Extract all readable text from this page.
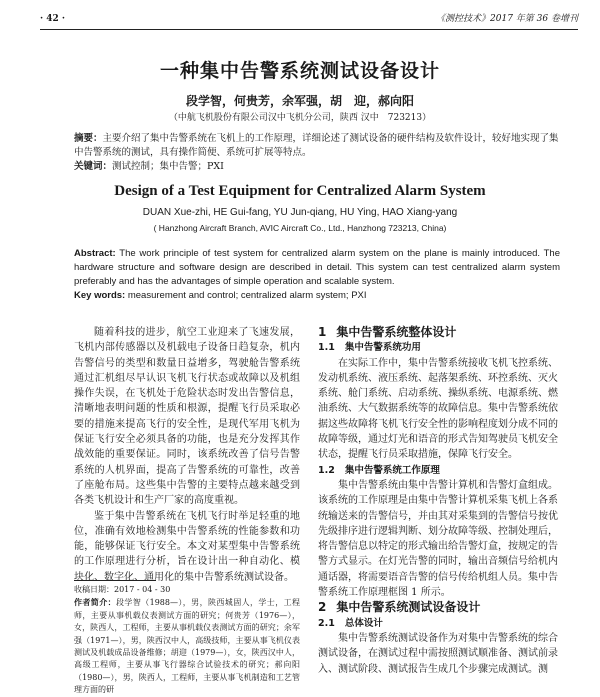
· 42 ·	《测控技术》2017 年第 36 卷增刊
一种集中告警系统测试设备设计
段学智，何贵芳，余军强，胡　迎，郝向阳
（中航飞机股份有限公司汉中飞机分公司，陕西 汉中　723213）
摘要：主要介绍了集中告警系统在飞机上的工作原理，详细论述了测试设备的硬件结构及软件设计，较好地实现了集中告警系统的测试，具有操作简便、系统可扩展等特点。
关键词：测试控制；集中告警；PXI
Design of a Test Equipment for Centralized Alarm System
DUAN Xue-zhi, HE Gui-fang, YU Jun-qiang, HU Ying, HAO Xiang-yang
( Hanzhong Aircraft Branch, AVIC Aircraft Co., Ltd., Hanzhong 723213, China)
Abstract: The work principle of test system for centralized alarm system on the plane is mainly introduced. The hardware structure and software design are described in detail. This system can test centralized alarm system preferably and has the advantages of simple operation and scalable system.
Key words: measurement and control; centralized alarm system; PXI

随着科技的进步，航空工业迎来了飞速发展，飞机内部传感器以及机载电子设备日趋复杂，机内告警信号的类型和数量日益增多，驾驶舱告警系统通过汇机组尽早认识飞机飞行状态或故障以及机组操作失误，在飞机处于危险状态时发出告警信息，清晰地表明问题的性质和根源，提醒飞行员采取必要的措施来提高飞行的安全性，是现代军用飞机为保证飞行安全必须具备的功能，也是充分发挥其作战效能的重要保证。同时，该系统改善了信号告警系统的人机界面，提高了告警系统的可靠性，改善了座舱布局。这些集中告警的主要特点越来越受到各类飞机设计和生产厂家的高度重视。

鉴于集中告警系统在飞机飞行时举足轻重的地位，准确有效地检测集中告警系统的性能参数和功能，能够保证飞行安全。本文对某型集中告警系统的工作原理进行分析，旨在设计出一种自动化、模块化、数字化、通用化的集中告警系统测试设备。

收稿日期：2017 - 04 - 30
作者简介：段学智（1988—），男，陕西城固人，学士，工程师，主要从事机载仪表测试方面的研究；何贵芳（1976—），女，陕西人，工程师，主要从事机载仪表测试方面的研究；余军强（1971—），男，陕西汉中人，高级技师，主要从事飞机仪表测试及机载成品设备维修；胡迎（1979—），女，陕西汉中人，高级工程师，主要从事飞行器综合试验技术的研究；郝向阳（1980—），男，陕西人，工程师，主要从事飞机制造和工艺管理方面的研

1 集中告警系统整体设计

1.1 集中告警系统功用

在实际工作中，集中告警系统接收飞机飞控系统、发动机系统、液压系统、起落架系统、环控系统、灭火系统、舱门系统、启动系统、操纵系统、电源系统、燃油系统、大气数据系统等的故障信息。集中告警系统依据这些故障将飞机飞行安全性的影响程度划分成不同的故障等级，通过灯光和语音的形式告知驾驶员飞机安全状态，提醒飞行员采取措施，保障飞行安全。

1.2 集中告警系统工作原理

集中告警系统由集中告警计算机和告警灯盒组成。该系统的工作原理是由集中告警计算机采集飞机上各系统输送来的告警信号，并由其对采集到的告警信号按优先级排序进行逻辑判断、划分故障等级、控制处理后，将告警信息以特定的形式输出给告警灯盒，按规定的告警方式显示。在灯光告警的同时，输出音频信号给机内通话器，将需要语音告警的信号传给机组人员。集中告警系统工作原理框图 1 所示。

2 集中告警系统测试设备设计

2.1 总体设计

集中告警系统测试设备作为对集中告警系统的综合测试设备，在测试过程中需按照测试顺准备、测试前录入、测试阶段、测试报告生成几个步骤完成测试。测
